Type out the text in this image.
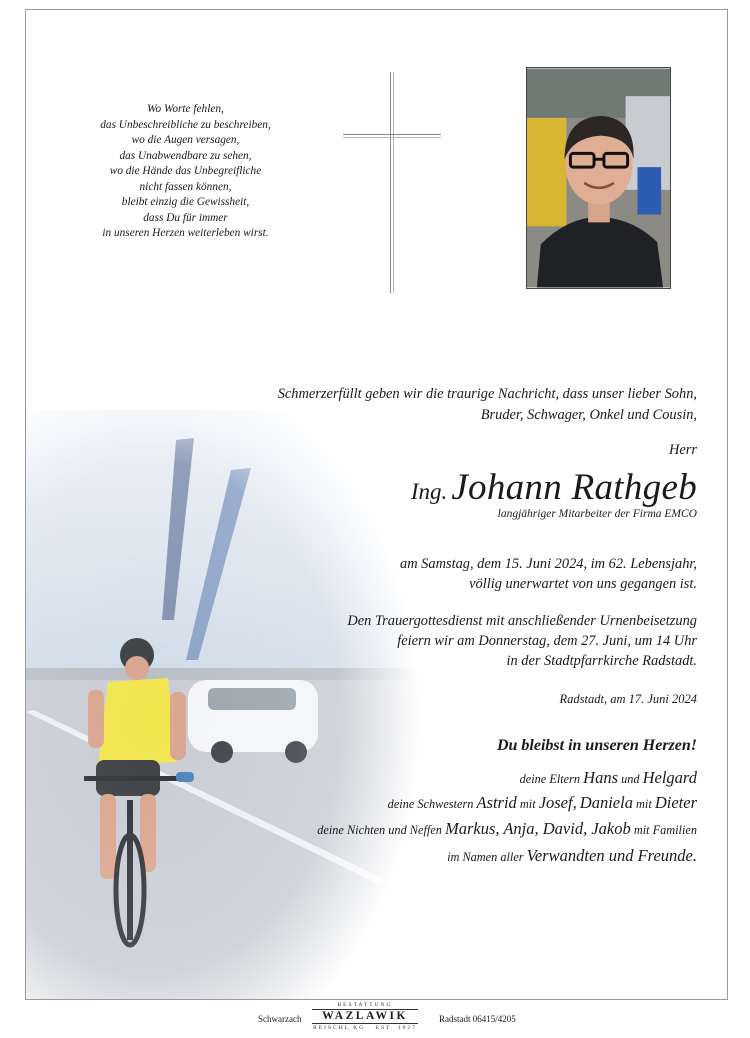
Wo Worte fehlen,
das Unbeschreibliche zu beschreiben,
wo die Augen versagen,
das Unabwendbare zu sehen,
wo die Hände das Unbegreifliche
nicht fassen können,
bleibt einzig die Gewissheit,
dass Du für immer
in unseren Herzen weiterleben wirst.
Schmerzerfüllt geben wir die traurige Nachricht, dass unser lieber Sohn,
Bruder, Schwager, Onkel und Cousin,
Herr
Ing. Johann Rathgeb
langjähriger Mitarbeiter der Firma EMCO
am Samstag, dem 15. Juni 2024, im 62. Lebensjahr,
völlig unerwartet von uns gegangen ist.
Den Trauergottesdienst mit anschließender Urnenbeisetzung
feiern wir am Donnerstag, dem 27. Juni, um 14 Uhr
in der Stadtpfarrkirche Radstadt.
Radstadt, am 17. Juni 2024
Du bleibst in unseren Herzen!
deine Eltern Hans und Helgard
deine Schwestern Astrid mit Josef, Daniela mit Dieter
deine Nichten und Neffen Markus, Anja, David, Jakob mit Familien
im Namen aller Verwandten und Freunde.
Schwarzach
BESTATTUNG
WAZLAWIK
REISCHL KG · EST. 1927
Radstadt 06415/4205
